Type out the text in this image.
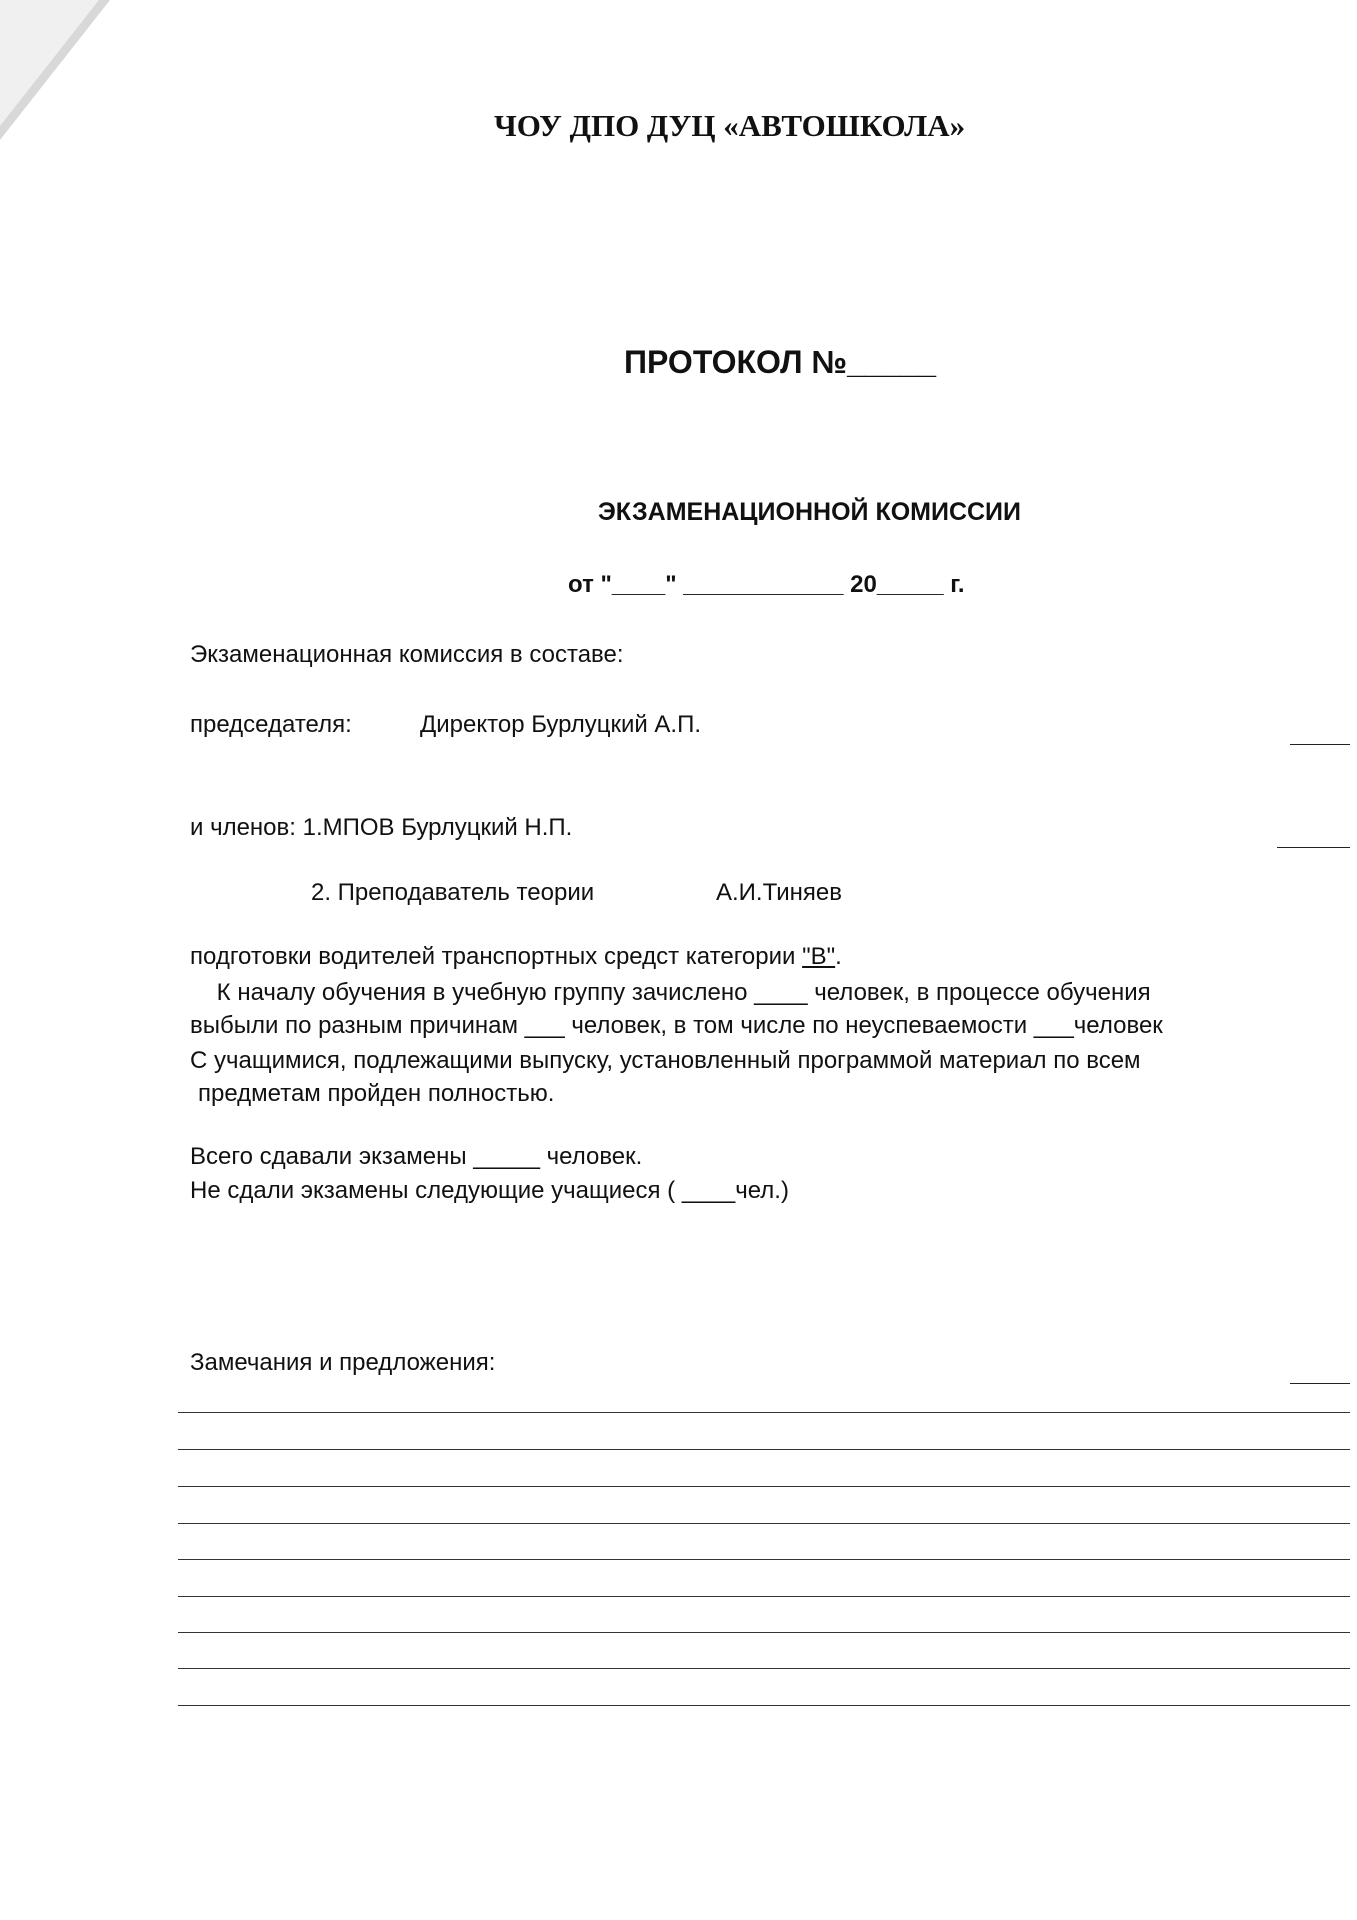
ЧОУ ДПО ДУЦ «АВТОШКОЛА»
ПРОТОКОЛ №_____
ЭКЗАМЕНАЦИОННОЙ КОМИССИИ
от "____" ____________ 20_____ г.
Экзаменационная комиссия в составе:
председателя:	Директор Бурлуцкий А.П.
и членов: 1.МПОВ Бурлуцкий Н.П.
2. Преподаватель теории	А.И.Тиняев
подготовки водителей транспортных средст категории "В".
К началу обучения в учебную группу зачислено ____ человек, в процессе обучения
выбыли по разным причинам ___ человек, в том числе по неуспеваемости ___человек
С учащимися, подлежащими выпуску, установленный программой материал по всем
предметам пройден полностью.
Всего сдавали экзамены _____ человек.
Не сдали экзамены следующие учащиеся ( ____чел.)
Замечания и предложения:
